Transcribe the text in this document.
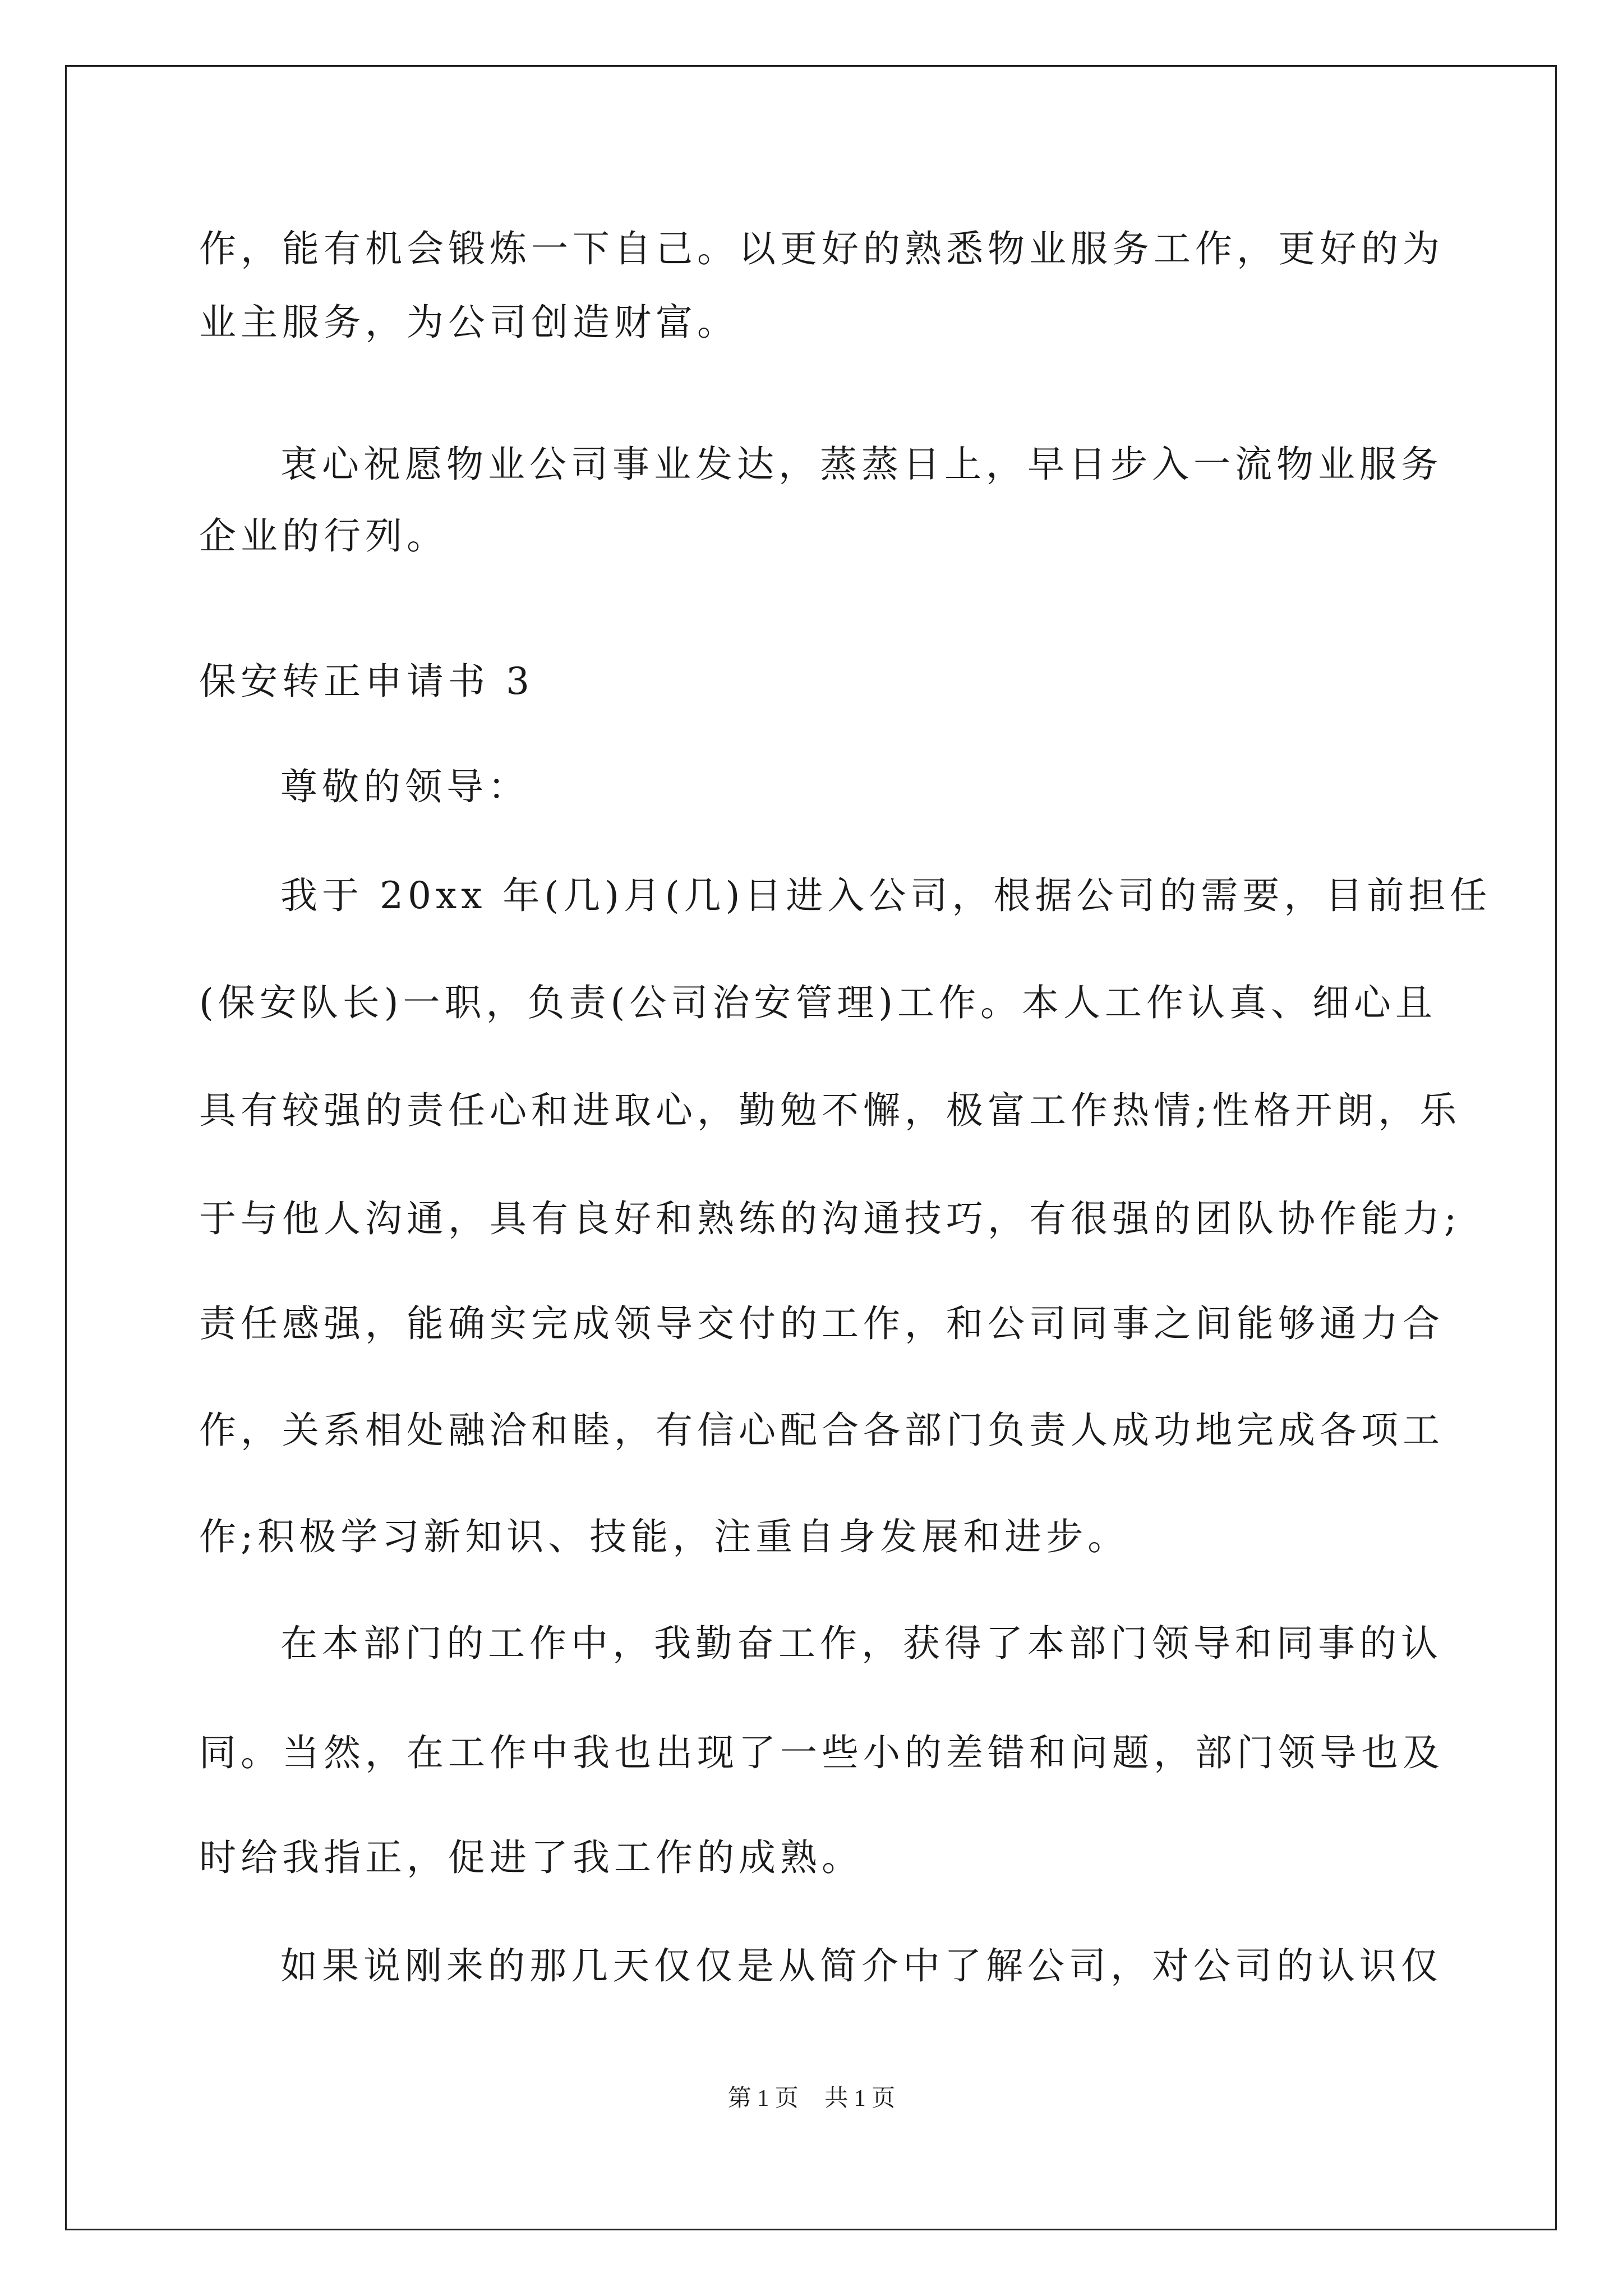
作，能有机会锻炼一下自己。以更好的熟悉物业服务工作，更好的为
业主服务，为公司创造财富。
衷心祝愿物业公司事业发达，蒸蒸日上，早日步入一流物业服务
企业的行列。
保安转正申请书 3
尊敬的领导：
我于 20xx 年(几)月(几)日进入公司，根据公司的需要，目前担任
(保安队长)一职，负责(公司治安管理)工作。本人工作认真、细心且
具有较强的责任心和进取心，勤勉不懈，极富工作热情;性格开朗，乐
于与他人沟通，具有良好和熟练的沟通技巧，有很强的团队协作能力;
责任感强，能确实完成领导交付的工作，和公司同事之间能够通力合
作，关系相处融洽和睦，有信心配合各部门负责人成功地完成各项工
作;积极学习新知识、技能，注重自身发展和进步。
在本部门的工作中，我勤奋工作，获得了本部门领导和同事的认
同。当然，在工作中我也出现了一些小的差错和问题，部门领导也及
时给我指正，促进了我工作的成熟。
如果说刚来的那几天仅仅是从简介中了解公司，对公司的认识仅
第 1 页 共 1 页
